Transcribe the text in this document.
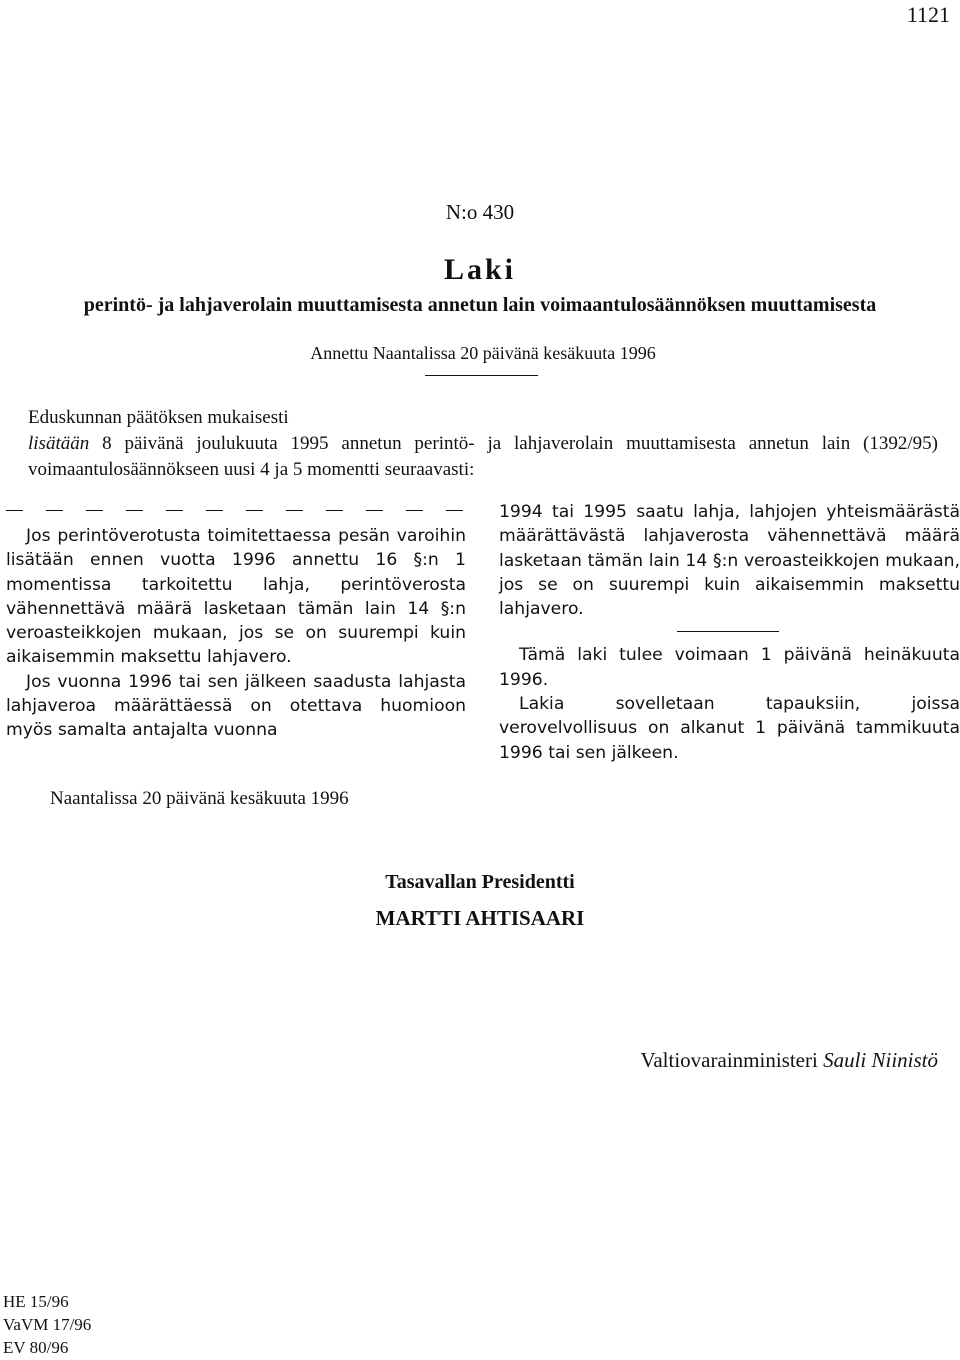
1121
N:o 430
Laki
perintö- ja lahjaverolain muuttamisesta annetun lain voimaantulosäännöksen muuttamisesta
Annettu Naantalissa 20 päivänä kesäkuuta 1996

Eduskunnan päätöksen mukaisesti

lisätään 8 päivänä joulukuuta 1995 annetun perintö- ja lahjaverolain muuttamisesta annetun lain (1392/95) voimaantulosäännökseen uusi 4 ja 5 momentti seuraavasti:

Jos perintöverotusta toimitettaessa pesän varoihin lisätään ennen vuotta 1996 annettu 16 §:n 1 momentissa tarkoitettu lahja, perintöverosta vähennettävä määrä lasketaan tämän lain 14 §:n veroasteikkojen mukaan, jos se on suurempi kuin aikaisemmin maksettu lahjavero.

Jos vuonna 1996 tai sen jälkeen saadusta lahjasta lahjaveroa määrättäessä on otettava huomioon myös samalta antajalta vuonna

1994 tai 1995 saatu lahja, lahjojen yhteismäärästä määrättävästä lahjaverosta vähennettävä määrä lasketaan tämän lain 14 §:n veroasteikkojen mukaan, jos se on suurempi kuin aikaisemmin maksettu lahjavero.

Tämä laki tulee voimaan 1 päivänä heinäkuuta 1996.

Lakia sovelletaan tapauksiin, joissa verovelvollisuus on alkanut 1 päivänä tammikuuta 1996 tai sen jälkeen.

Naantalissa 20 päivänä kesäkuuta 1996
Tasavallan Presidentti
MARTTI AHTISAARI
Valtiovarainministeri Sauli Niinistö
HE 15/96
VaVM 17/96
EV 80/96
